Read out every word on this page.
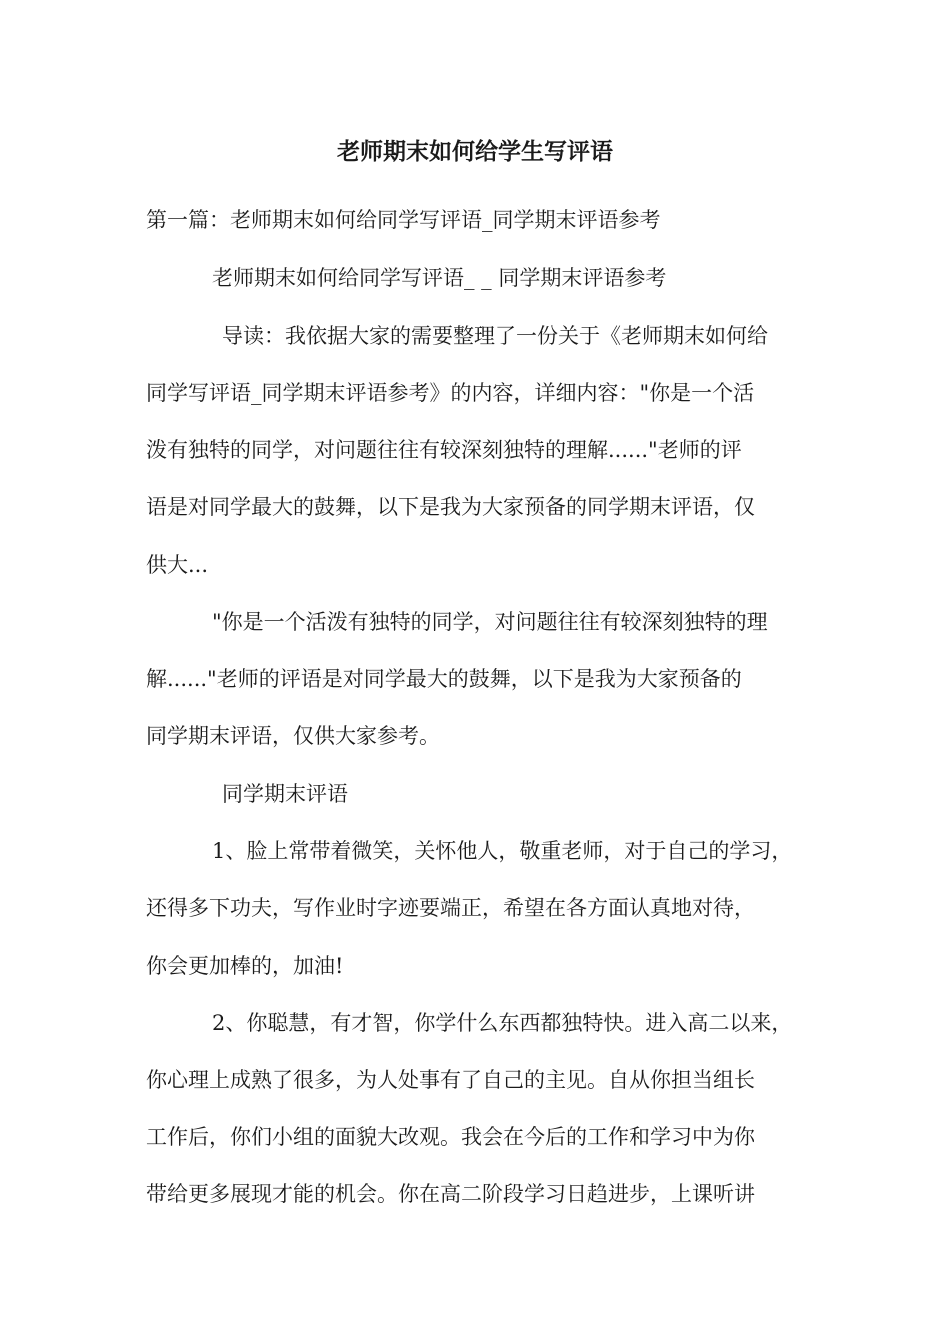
老师期末如何给学生写评语
第一篇：老师期末如何给同学写评语_同学期末评语参考
老师期末如何给同学写评语_ _ 同学期末评语参考
导读：我依据大家的需要整理了一份关于《老师期末如何给
同学写评语_同学期末评语参考》的内容，详细内容："你是一个活
泼有独特的同学，对问题往往有较深刻独特的理解......"老师的评
语是对同学最大的鼓舞，以下是我为大家预备的同学期末评语，仅
供大...
"你是一个活泼有独特的同学，对问题往往有较深刻独特的理
解......"老师的评语是对同学最大的鼓舞，以下是我为大家预备的
同学期末评语，仅供大家参考。
同学期末评语
1、脸上常带着微笑，关怀他人，敬重老师，对于自己的学习，
还得多下功夫，写作业时字迹要端正，希望在各方面认真地对待，
你会更加棒的，加油!
2、你聪慧，有才智，你学什么东西都独特快。进入高二以来，
你心理上成熟了很多，为人处事有了自己的主见。自从你担当组长
工作后，你们小组的面貌大改观。我会在今后的工作和学习中为你
带给更多展现才能的机会。你在高二阶段学习日趋进步，上课听讲
